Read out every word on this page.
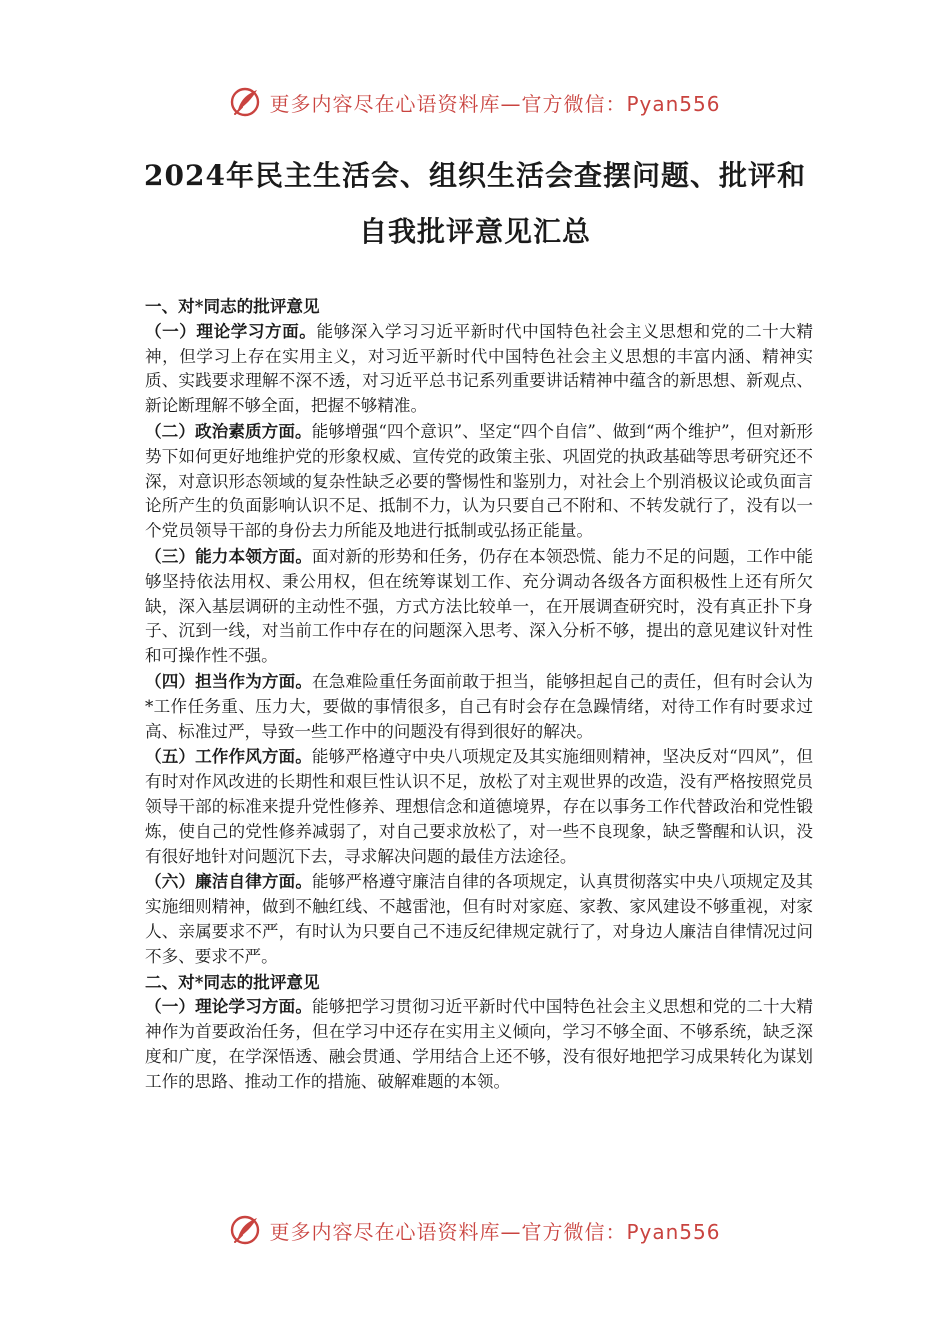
更多内容尽在心语资料库—官方微信：Pyan556
2024年民主生活会、组织生活会查摆问题、批评和
自我批评意见汇总

一、对*同志的批评意见

（一）理论学习方面。能够深入学习习近平新时代中国特色社会主义思想和党的二十大精神，但学习上存在实用主义，对习近平新时代中国特色社会主义思想的丰富内涵、精神实质、实践要求理解不深不透，对习近平总书记系列重要讲话精神中蕴含的新思想、新观点、新论断理解不够全面，把握不够精准。

（二）政治素质方面。能够增强“四个意识”、坚定“四个自信”、做到“两个维护”，但对新形势下如何更好地维护党的形象权威、宣传党的政策主张、巩固党的执政基础等思考研究还不深，对意识形态领域的复杂性缺乏必要的警惕性和鉴别力，对社会上个别消极议论或负面言论所产生的负面影响认识不足、抵制不力，认为只要自己不附和、不转发就行了，没有以一个党员领导干部的身份去力所能及地进行抵制或弘扬正能量。

（三）能力本领方面。面对新的形势和任务，仍存在本领恐慌、能力不足的问题，工作中能够坚持依法用权、秉公用权，但在统筹谋划工作、充分调动各级各方面积极性上还有所欠缺，深入基层调研的主动性不强，方式方法比较单一，在开展调查研究时，没有真正扑下身子、沉到一线，对当前工作中存在的问题深入思考、深入分析不够，提出的意见建议针对性和可操作性不强。

（四）担当作为方面。在急难险重任务面前敢于担当，能够担起自己的责任，但有时会认为*工作任务重、压力大，要做的事情很多，自己有时会存在急躁情绪，对待工作有时要求过高、标准过严，导致一些工作中的问题没有得到很好的解决。

（五）工作作风方面。能够严格遵守中央八项规定及其实施细则精神，坚决反对“四风”，但有时对作风改进的长期性和艰巨性认识不足，放松了对主观世界的改造，没有严格按照党员领导干部的标准来提升党性修养、理想信念和道德境界，存在以事务工作代替政治和党性锻炼，使自己的党性修养减弱了，对自己要求放松了，对一些不良现象，缺乏警醒和认识，没有很好地针对问题沉下去，寻求解决问题的最佳方法途径。

（六）廉洁自律方面。能够严格遵守廉洁自律的各项规定，认真贯彻落实中央八项规定及其实施细则精神，做到不触红线、不越雷池，但有时对家庭、家教、家风建设不够重视，对家人、亲属要求不严，有时认为只要自己不违反纪律规定就行了，对身边人廉洁自律情况过问不多、要求不严。

二、对*同志的批评意见

（一）理论学习方面。能够把学习贯彻习近平新时代中国特色社会主义思想和党的二十大精神作为首要政治任务，但在学习中还存在实用主义倾向，学习不够全面、不够系统，缺乏深度和广度，在学深悟透、融会贯通、学用结合上还不够，没有很好地把学习成果转化为谋划工作的思路、推动工作的措施、破解难题的本领。

更多内容尽在心语资料库—官方微信：Pyan556
